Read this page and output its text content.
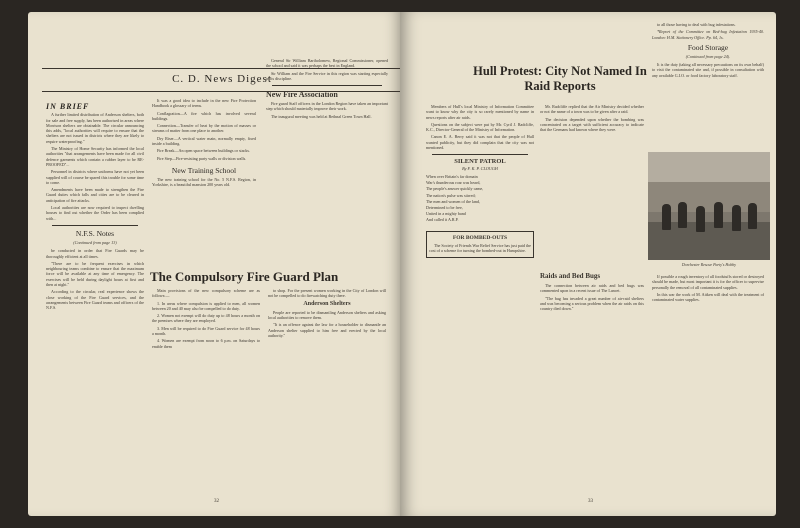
C. D. News Digest
IN BRIEF

A further limited distribution of Anderson shelters, both for sale and free supply, has been authorised in areas where Morrison shelters are obtainable. The circular announcing this adds, "local authorities will require to ensure that the shelters are not issued in districts where they are likely to require waterproofing."

The Ministry of Home Security has informed the local authorities "that arrangements have been made for all civil defence garments which contain a rubber layer to be RE-PROOFED"...

Personnel in districts where uniforms have not yet been supplied will of course be spared this trouble for some time to come.

Amendments have been made to strengthen the Fire Guard duties which falls and cities are to be cleared in anticipation of fire attacks.

Local authorities are now required to inspect dwelling houses to find out whether the Order has been complied with...

N.F.S. Notes
(Continued from page 13)

be conducted in order that Fire Guards may be thoroughly efficient at all times.

"There are to be frequent exercises in which neighbouring teams combine to ensure that the maximum force will be available at any time of emergency. The exercises will be held during daylight hours at first and then at night."

According to the circular, real experience shows the close working of the Fire Guard services, and the arrangements between Fire Guard teams and officers of the N.F.S.

It was a good idea to include in the new Fire Protection Handbook a glossary of terms.

Conflagration—A fire which has involved several buildings.

Connection—Transfer of heat by the motion of masses or streams of matter from one place to another.

Dry Riser—A vertical water main, normally empty, fixed inside a building.

Fire Break—An open space between buildings or stacks.

Fire Step—Fire-resisting party walls or division walls.

New Training School

The new training school for the No. 5 N.F.S. Region, in Yorkshire, is a beautiful mansion 200 years old.

General Sir William Bartholomew, Regional Commissioner, opened the school and said it was perhaps the best in England.

Sir William and the Fire Service in this region was starting especially in its discipline.

New Fire Association

Fire guard Staff officers in the London Region have taken an important step which should materially improve their work.

The inaugural meeting was held at Bethnal Green Town Hall.

The Compulsory Fire Guard Plan

Main provisions of the new compulsory scheme are as follows:—

1. In areas where compulsion is applied to men, all women between 20 and 40 may also be compelled to do duty.

2. Women not exempt will do duty up to 48 hours a month on the premises where they are employed.

3. Men will be required to do Fire Guard service for 48 hours a month.

4. Women are exempt from noon to 6 p.m. on Saturdays to enable them

to shop. For the present women working in the City of London will not be compelled to do firewatching duty there.

Anderson Shelters

People are reported to be dismantling Anderson shelters and asking local authorities to remove them.

"It is an offence against the law for a householder to dismantle an Anderson shelter supplied to him free and erected by the local authority."

32
Hull Protest: City Not Named In Raid Reports

Members of Hull's local Ministry of Information Committee want to know why the city is so rarely mentioned by name in news reports after air raids.

Questions on the subject were put by Mr. Cyril J. Radcliffe, K.C., Director-General of the Ministry of Information.

Canon E. A. Berry said it was not that the people of Hull wanted publicity, but they did complain that the city was not mentioned.

SILENT PATROL
By F. K. P. CLOUGH

When over Britain's far domain

War's thunderous roar was heard,

The people's answer quickly came,

The nation's pulse was stirred;

The men and women of the land,

Determined to be free,

United in a mighty band

And called it A.R.P.

FOR BOMBED-OUTS

The Society of Friends War Relief Service has just paid the cost of a scheme for turning the bombed-out in Hampshire.

Mr. Radcliffe replied that the Air Ministry decided whether or not the name of a town was to be given after a raid.

The decision depended upon whether the bombing was concentrated on a target with sufficient accuracy to indicate that the Germans had known where they were.

Raids and Bed Bugs

The connection between air raids and bed bugs was commented upon in a recent issue of The Lancet.

"The bug has invaded a great number of air-raid shelters and was becoming a serious problem when the air raids on this country died down."

Dorchester Rescue Party's Hobby

to all those having to deal with bug infestations.

*Report of the Committee on Bed-bug Infestation 1935-40. London: H.M. Stationery Office. Pp. 64, 1s.

Food Storage
(Continued from page 24).

It is the duty (taking all necessary precautions on its own behalf) to visit the contaminated site and, if possible in consultation with any available G.I.O. or food factory laboratory staff.

If possible a rough inventory of all foodstuffs stored or destroyed should be made, but most important it is for the officer to supervise personally the removal of all contaminated supplies.

In this war the work of M. Aitken will deal with the treatment of contaminated water supplies.

33
